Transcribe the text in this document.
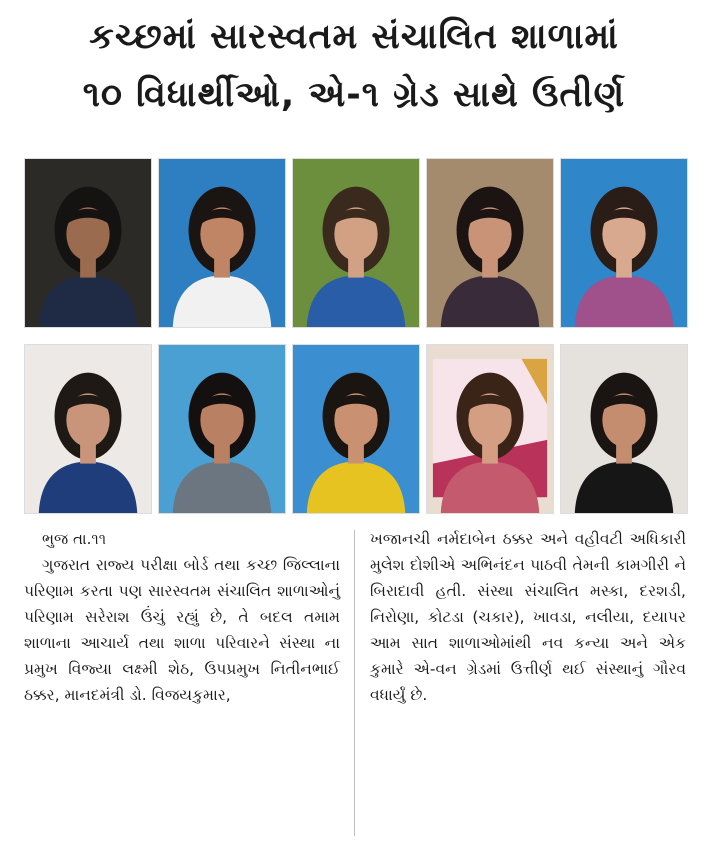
કચ્છમાં સારસ્વતમ સંચાલિત શાળામાં
૧૦ વિધાર્થીઓ, એ-૧ ગ્રેડ સાથે ઉતીર્ણ
ભુજ તા.૧૧
ગુજરાત રાજ્ય પરીક્ષા બોર્ડ તથા કચ્છ જિલ્લાના પરિણામ કરતા પણ સારસ્વતમ સંચાલિત શાળાઓનું પરિણામ સરેરાશ ઉંચું રહ્યું છે, તે બદલ તમામ શાળાના આચાર્ય તથા શાળા પરિવારને સંસ્થા ના પ્રમુખ વિજ્યા લક્ષ્મી શેઠ, ઉપપ્રમુખ નિતીનભાઈ ઠક્કર, માનદમંત્રી ડો. વિજયકુમાર,
ખજાનચી નર્મદાબેન ઠક્કર અને વહીવટી અધિકારી મુલેશ દોશીએ અભિનંદન પાઠવી તેમની કામગીરી ને બિરાદાવી હતી. સંસ્થા સંચાલિત મસ્કા, દરશડી, નિરોણા, કોટડા (ચકાર), ખાવડા, નલીયા, દયાપર આમ સાત શાળાઓમાંથી નવ કન્યા અને એક કુમારે એ-વન ગ્રેડમાં ઉત્તીર્ણ થઈ સંસ્થાનું ગૌરવ વધાર્યું છે.
